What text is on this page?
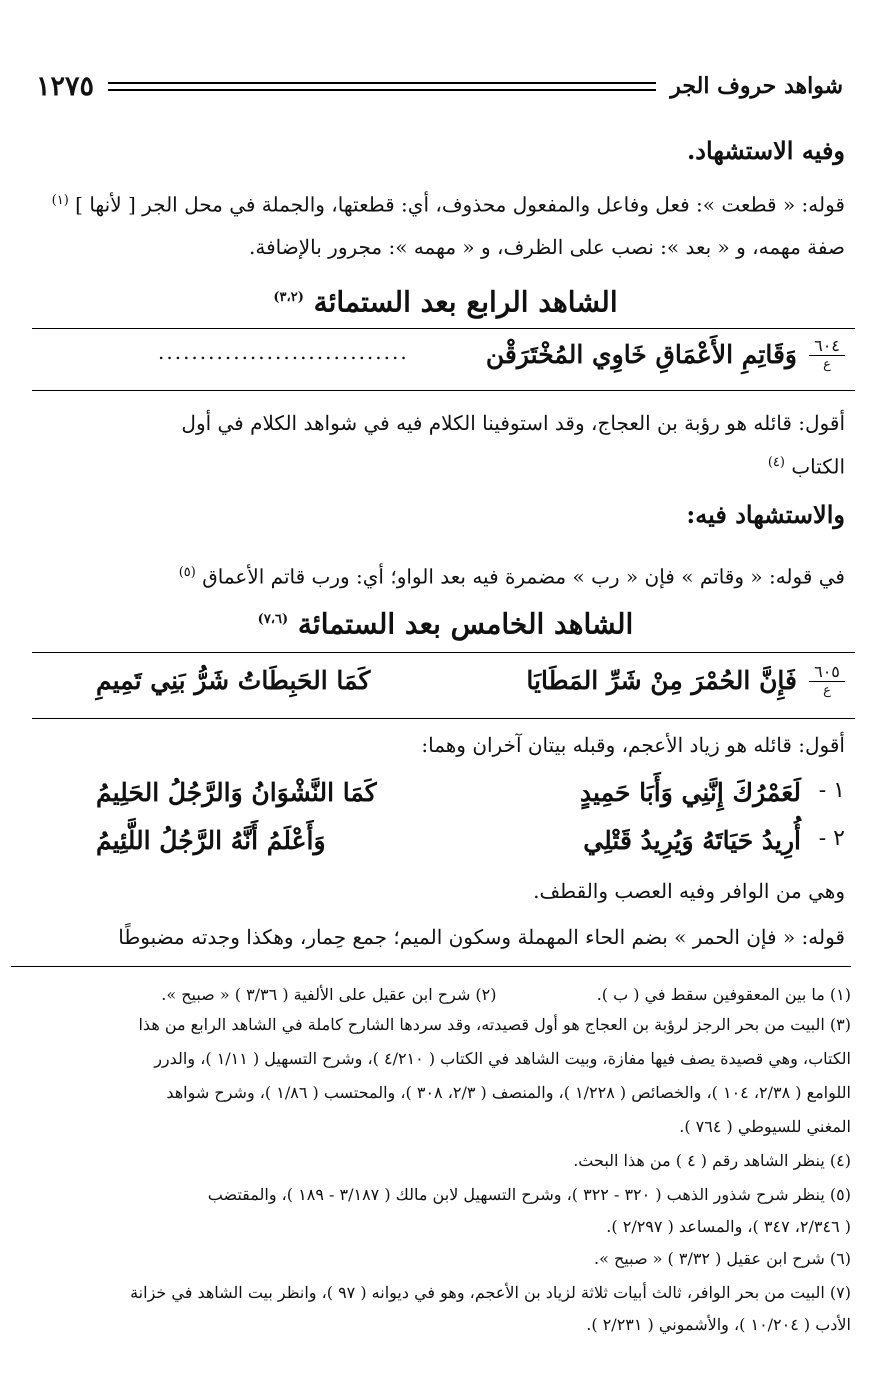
شواهد حروف الجر
١٢٧٥
وفيه الاستشهاد.
قوله: « قطعت »: فعل وفاعل والمفعول محذوف، أي: قطعتها، والجملة في محل الجر [ لأنها ] $^{(١)}$
صفة مهمه، و « بعد »: نصب على الظرف، و « مهمه »: مجرور بالإضافة.
الشاهد الرابع بعد الستمائة $^{(٣،٢)}$
٦٠٤
ع
وَقَاتِمِ الأَعْمَاقِ خَاوِي المُخْتَرَقْن
..............................
أقول: قائله هو رؤبة بن العجاج، وقد استوفينا الكلام فيه في شواهد الكلام في أول
الكتاب $^{(٤)}$
والاستشهاد فيه:
في قوله: « وقاتم » فإن « رب » مضمرة فيه بعد الواو؛ أي: ورب قاتم الأعماق $^{(٥)}$
الشاهد الخامس بعد الستمائة $^{(٧،٦)}$
٦٠٥
ع
فَإِنَّ الحُمْرَ مِنْ شَرِّ المَطَايَا
كَمَا الحَبِطَاتُ شَرُّ بَنِي تَمِيمِ
أقول: قائله هو زياد الأعجم، وقبله بيتان آخران وهما:
١ -
لَعَمْرُكَ إِنَّنِي وَأَبَا حَمِيدٍ
كَمَا النَّشْوَانُ وَالرَّجُلُ الحَلِيمُ
٢ -
أُرِيدُ حَيَاتَهُ وَيُرِيدُ قَتْلِي
وَأَعْلَمُ أَنَّهُ الرَّجُلُ اللَّئِيمُ
وهي من الوافر وفيه العصب والقطف.
قوله: « فإن الحمر » بضم الحاء المهملة وسكون الميم؛ جمع حِمار، وهكذا وجدته مضبوطًا
(١) ما بين المعقوفين سقط في ( ب ).  (٢) شرح ابن عقيل على الألفية ( ٣/٣٦ ) « صبيح ».
(٣) البيت من بحر الرجز لرؤبة بن العجاج هو أول قصيدته، وقد سردها الشارح كاملة في الشاهد الرابع من هذا
الكتاب، وهي قصيدة يصف فيها مفازة، وبيت الشاهد في الكتاب ( ٤/٢١٠ )، وشرح التسهيل ( ١/١١ )، والدرر
اللوامع ( ٢/٣٨، ١٠٤ )، والخصائص ( ١/٢٢٨ )، والمنصف ( ٢/٣، ٣٠٨ )، والمحتسب ( ١/٨٦ )، وشرح شواهد
المغني للسيوطي ( ٧٦٤ ).
(٤) ينظر الشاهد رقم ( ٤ ) من هذا البحث.
(٥) ينظر شرح شذور الذهب ( ٣٢٠ - ٣٢٢ )، وشرح التسهيل لابن مالك ( ٣/١٨٧ - ١٨٩ )، والمقتضب
( ٢/٣٤٦، ٣٤٧ )، والمساعد ( ٢/٢٩٧ ).
(٦) شرح ابن عقيل ( ٣/٣٢ ) « صبيح ».
(٧) البيت من بحر الوافر، ثالث أبيات ثلاثة لزياد بن الأعجم، وهو في ديوانه ( ٩٧ )، وانظر بيت الشاهد في خزانة
الأدب ( ١٠/٢٠٤ )، والأشموني ( ٢/٢٣١ ).
